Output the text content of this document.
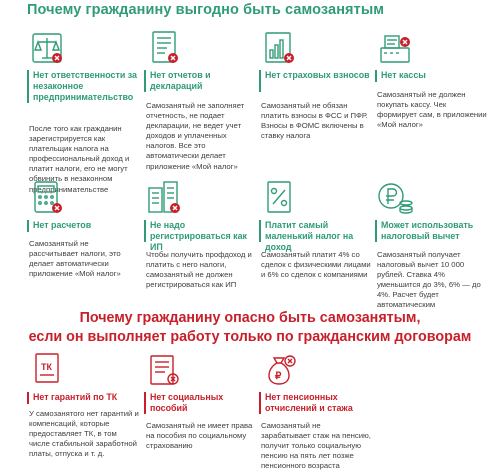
Почему гражданину выгодно быть самозанятым
Нет ответственности за незаконное предпринимательство
После того как гражданин зарегистрируется как плательщик налога на профессиональный доход и платит налоги, его не могут обвинить в незаконном предпринимательстве
Нет отчетов и деклараций
Самозанятый не заполняет отчетность, не подает декларации, не ведет учет доходов и уплаченных налогов. Все это автоматически делает приложение «Мой налог»
Нет страховых взносов
Самозанятый не обязан платить взносы в ФСС и ПФР. Взносы в ФОМС включены в ставку налога
Нет кассы
Самозанятый не должен покупать кассу. Чек формирует сам, в приложении «Мой налог»
Нет расчетов
Самозанятый не рассчитывает налоги, это делает автоматически приложение «Мой налог»
Не надо регистрироваться как ИП
Чтобы получить профдоход и платить с него налоги, самозанятый не должен регистрироваться как ИП
Платит самый маленький налог на доход
Самозанятый платит 4% со сделок с физическими лицами и 6% со сделок с компаниями
Может использовать налоговый вычет
Самозанятый получает налоговый вычет 10 000 рублей. Ставка 4% уменьшится до 3%, 6% — до 4%. Расчет будет автоматическим
Почему гражданину опасно быть самозанятым,
если он выполняет работу только по гражданским договорам
ТК
Нет гарантий по ТК
У самозанятого нет гарантий и компенсаций, которые предоставляет ТК, в том числе стабильной заработной платы, отпуска и т. д.
Нет социальных пособий
Самозанятый не имеет права на пособия по социальному страхованию
₽
Нет пенсионных отчислений и стажа
Самозанятый не зарабатывает стаж на пенсию, получит только социальную пенсию на пять лет позже пенсионного возраста
